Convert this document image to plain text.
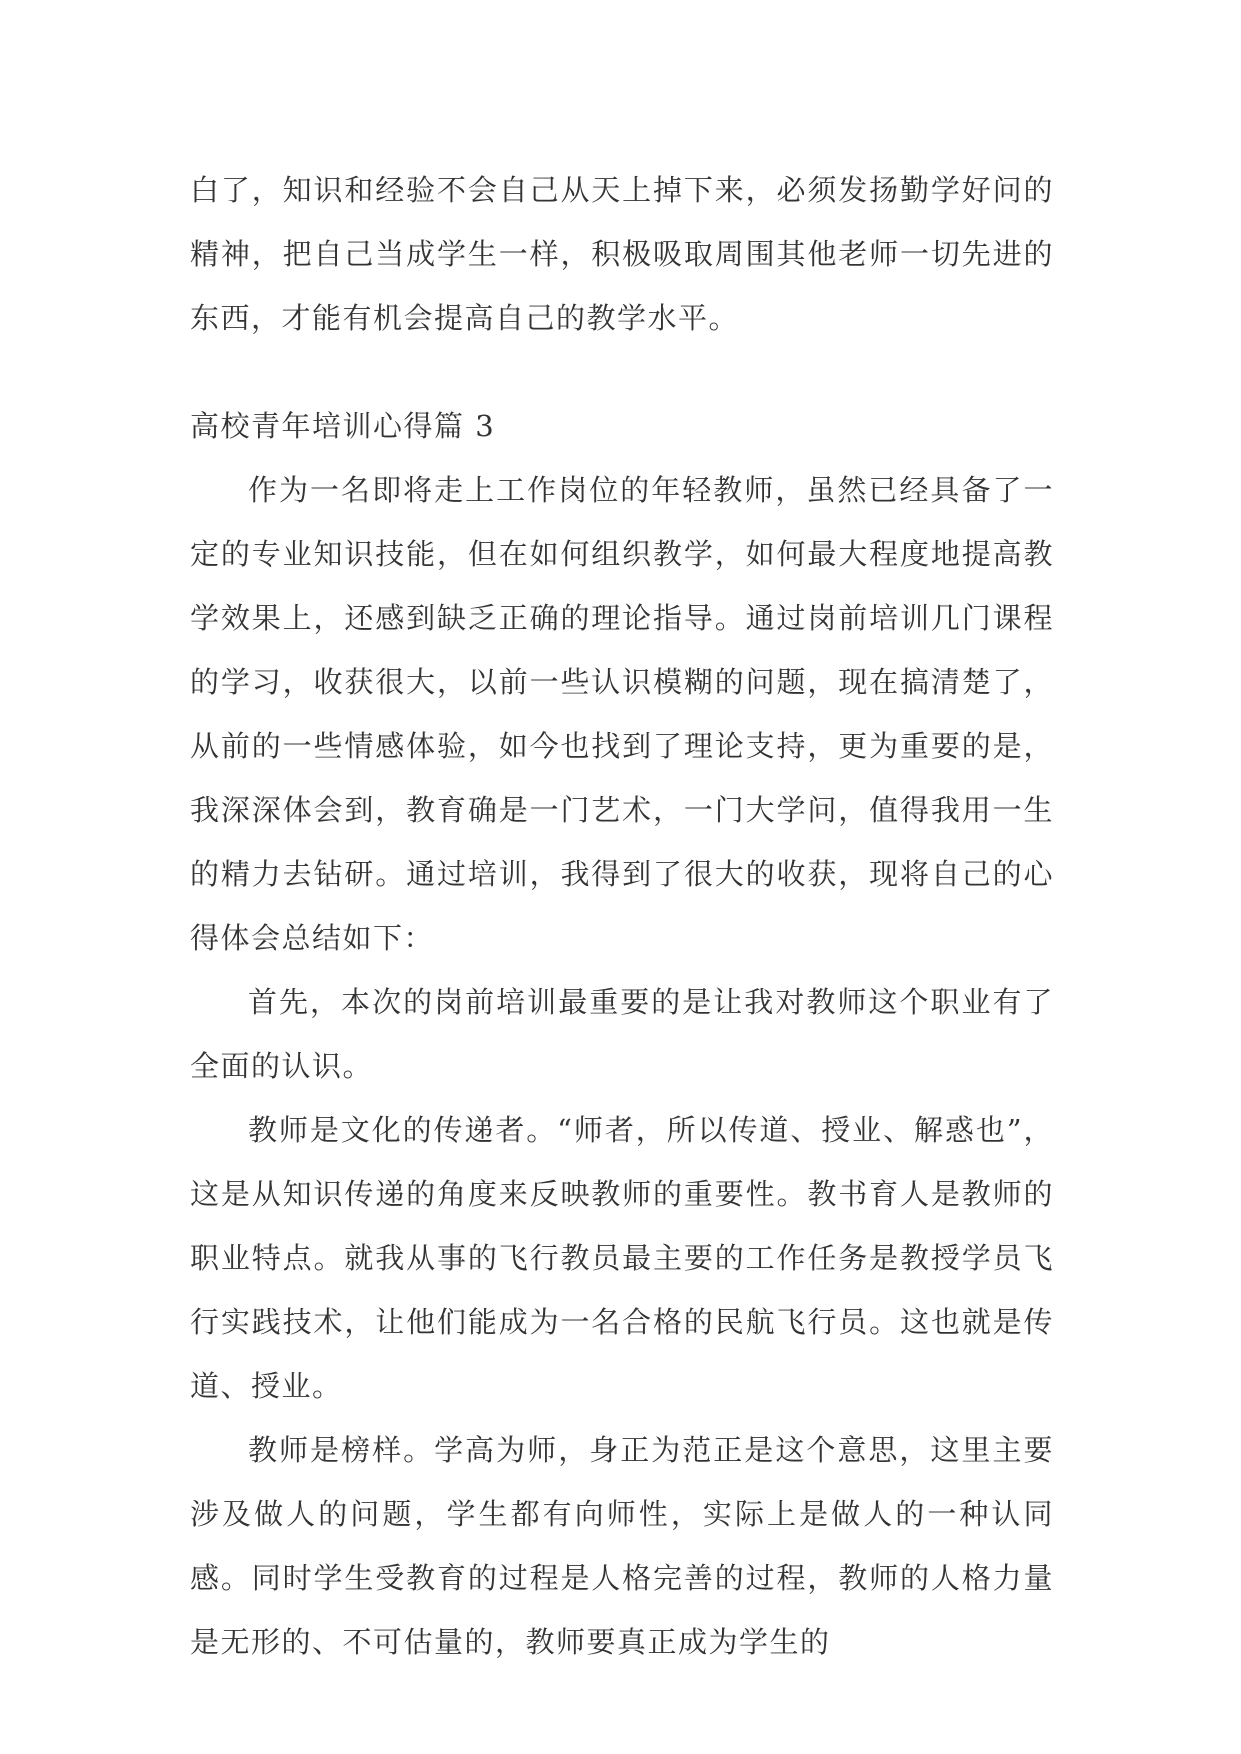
白了，知识和经验不会自己从天上掉下来，必须发扬勤学好问的精神，把自己当成学生一样，积极吸取周围其他老师一切先进的东西，才能有机会提高自己的教学水平。

高校青年培训心得篇 3

作为一名即将走上工作岗位的年轻教师，虽然已经具备了一定的专业知识技能，但在如何组织教学，如何最大程度地提高教学效果上，还感到缺乏正确的理论指导。通过岗前培训几门课程的学习，收获很大，以前一些认识模糊的问题，现在搞清楚了，从前的一些情感体验，如今也找到了理论支持，更为重要的是，我深深体会到，教育确是一门艺术，一门大学问，值得我用一生的精力去钻研。通过培训，我得到了很大的收获，现将自己的心得体会总结如下：

首先，本次的岗前培训最重要的是让我对教师这个职业有了全面的认识。

教师是文化的传递者。“师者，所以传道、授业、解惑也”，这是从知识传递的角度来反映教师的重要性。教书育人是教师的职业特点。就我从事的飞行教员最主要的工作任务是教授学员飞行实践技术，让他们能成为一名合格的民航飞行员。这也就是传道、授业。

教师是榜样。学高为师，身正为范正是这个意思，这里主要涉及做人的问题，学生都有向师性，实际上是做人的一种认同感。同时学生受教育的过程是人格完善的过程，教师的人格力量是无形的、不可估量的，教师要真正成为学生的
